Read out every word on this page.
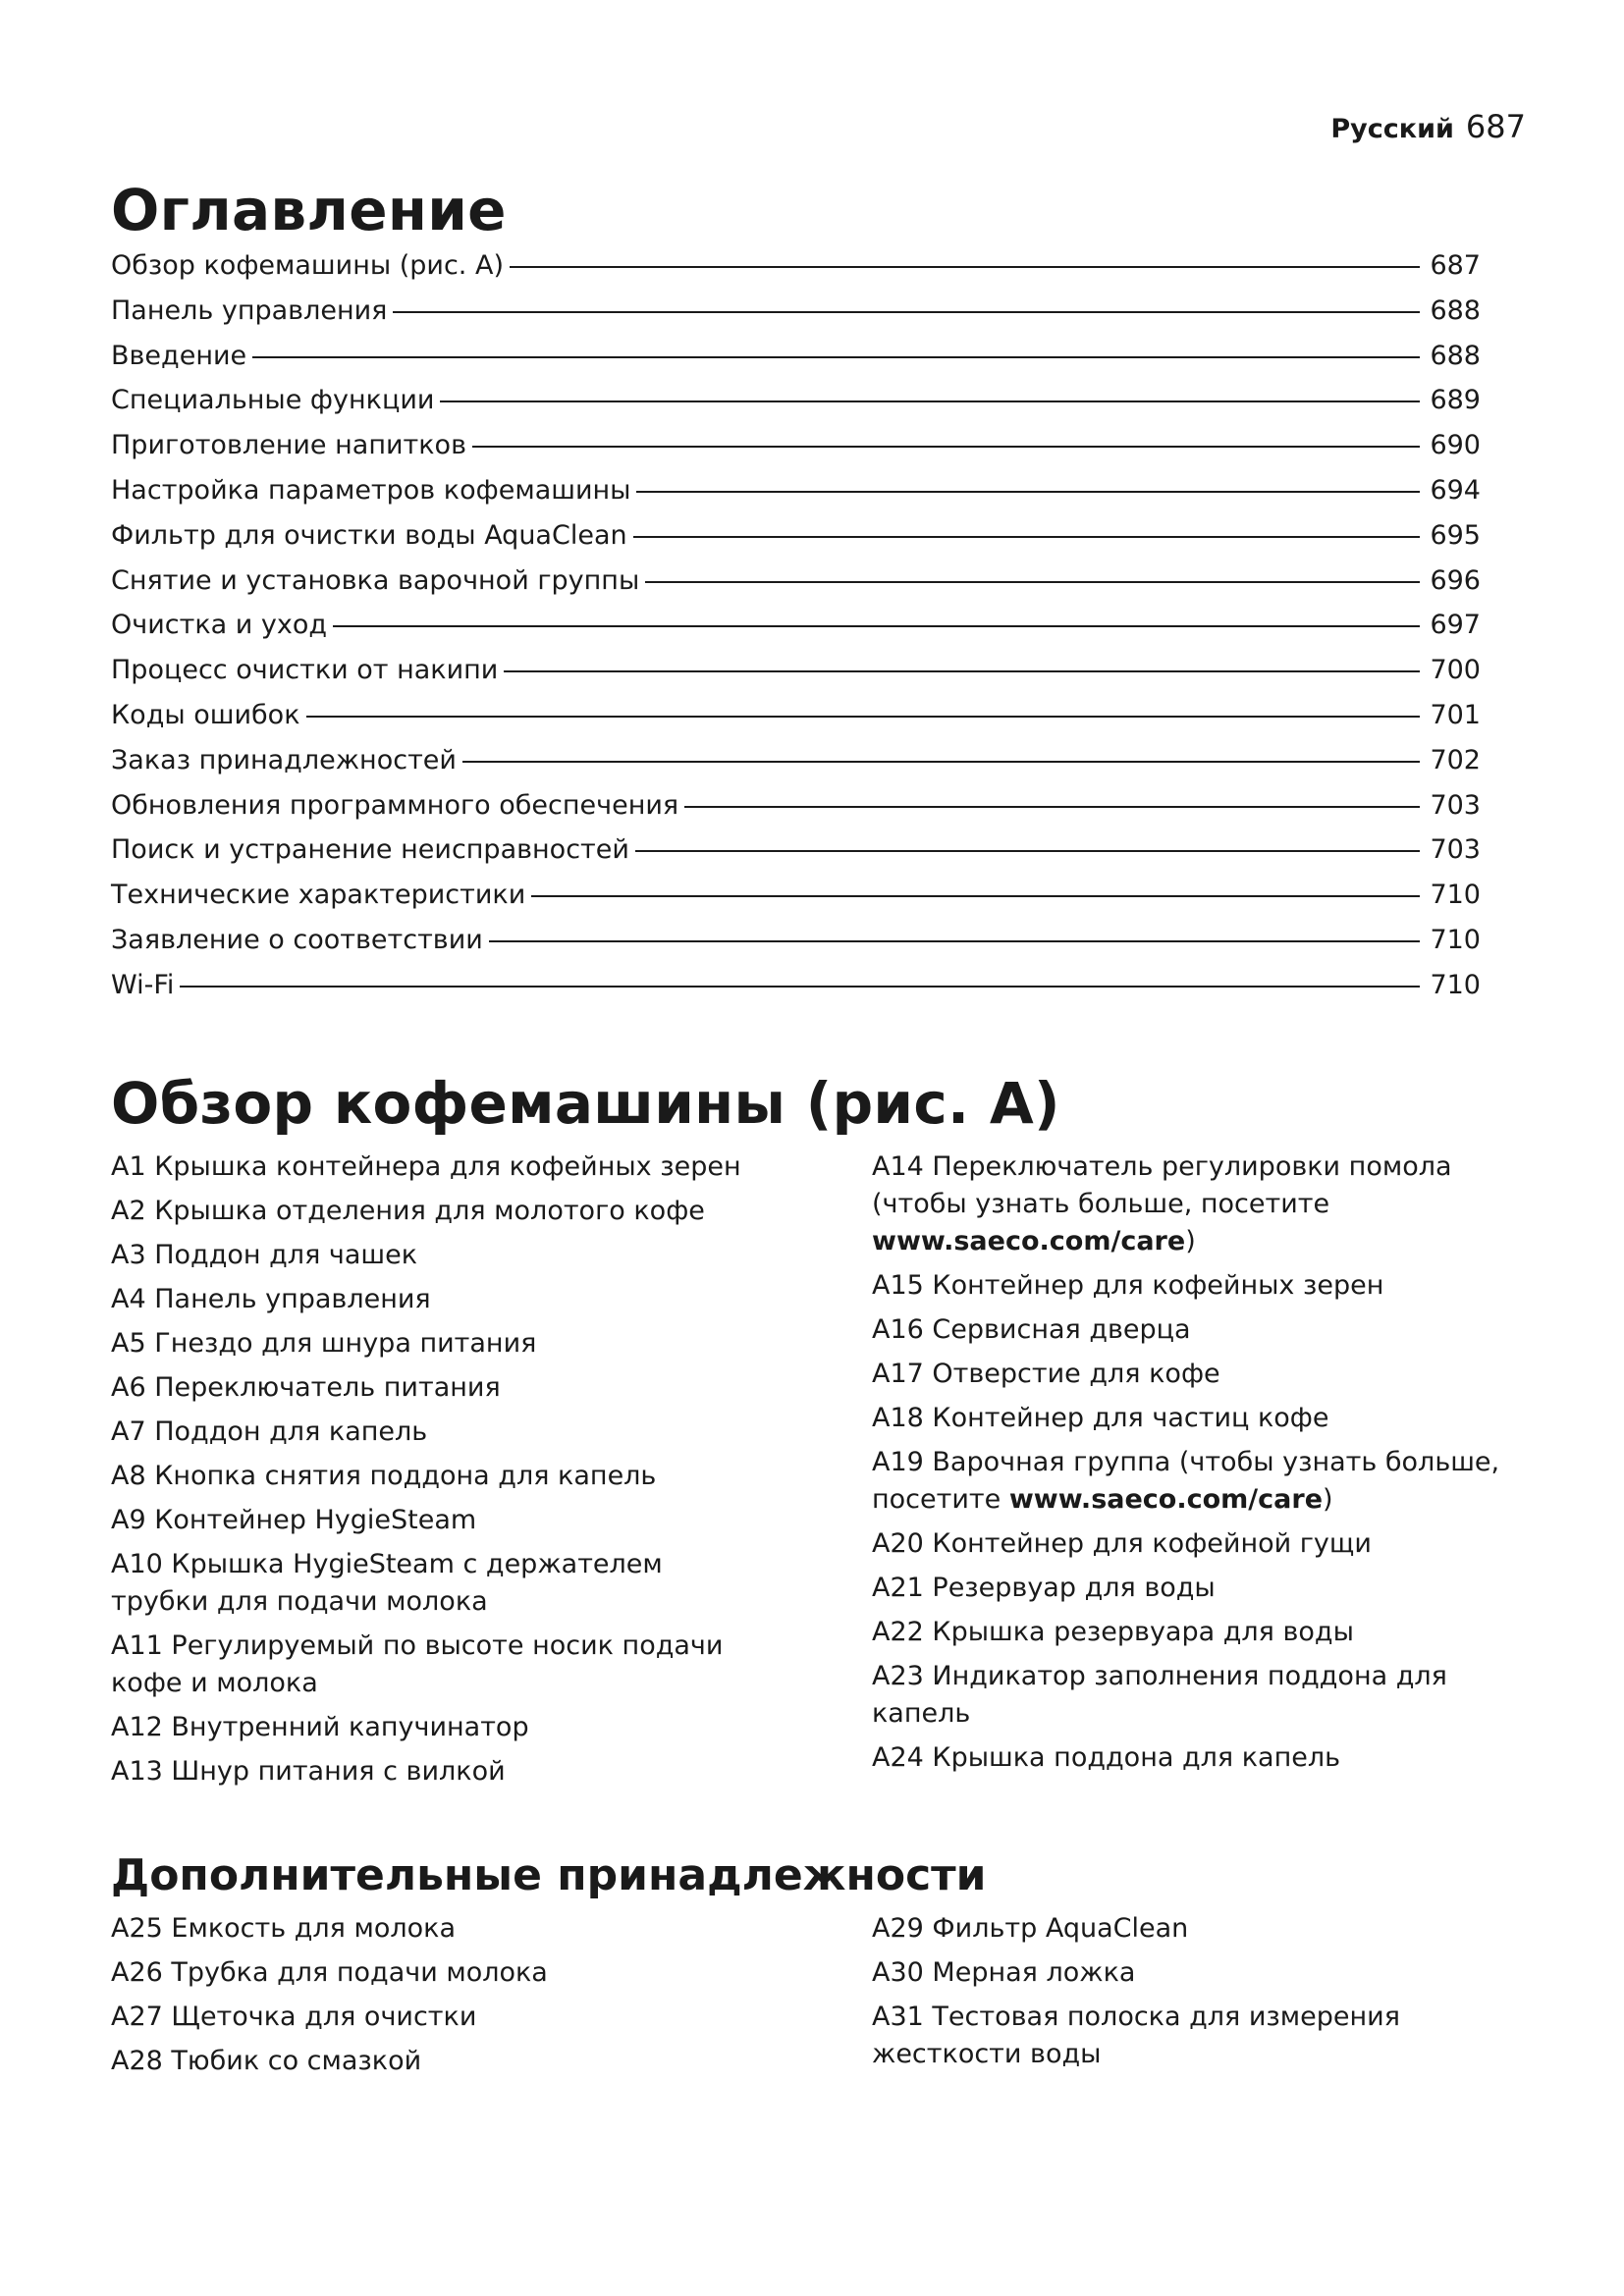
Русский 687
Оглавление
Обзор кофемашины (рис. A)	687
Панель управления	688
Введение	688
Специальные функции	689
Приготовление напитков	690
Настройка параметров кофемашины	694
Фильтр для очистки воды AquaClean	695
Снятие и установка варочной группы	696
Очистка и уход	697
Процесс очистки от накипи	700
Коды ошибок	701
Заказ принадлежностей	702
Обновления программного обеспечения	703
Поиск и устранение неисправностей	703
Технические характеристики	710
Заявление о соответствии	710
Wi-Fi	710
Обзор кофемашины (рис. A)
A1 Крышка контейнера для кофейных зерен
A2 Крышка отделения для молотого кофе
A3 Поддон для чашек
A4 Панель управления
A5 Гнездо для шнура питания
A6 Переключатель питания
A7 Поддон для капель
A8 Кнопка снятия поддона для капель
A9 Контейнер HygieSteam
A10 Крышка HygieSteam с держателем трубки для подачи молока
A11 Регулируемый по высоте носик подачи кофе и молока
A12 Внутренний капучинатор
A13 Шнур питания с вилкой
A14 Переключатель регулировки помола (чтобы узнать больше, посетите www.saeco.com/care)
A15 Контейнер для кофейных зерен
A16 Сервисная дверца
A17 Отверстие для кофе
A18 Контейнер для частиц кофе
A19 Варочная группа (чтобы узнать больше, посетите www.saeco.com/care)
A20 Контейнер для кофейной гущи
A21 Резервуар для воды
A22 Крышка резервуара для воды
A23 Индикатор заполнения поддона для капель
A24 Крышка поддона для капель
Дополнительные принадлежности
A25 Емкость для молока
A26 Трубка для подачи молока
A27 Щеточка для очистки
A28 Тюбик со смазкой
A29 Фильтр AquaClean
A30 Мерная ложка
A31 Тестовая полоска для измерения жесткости воды
